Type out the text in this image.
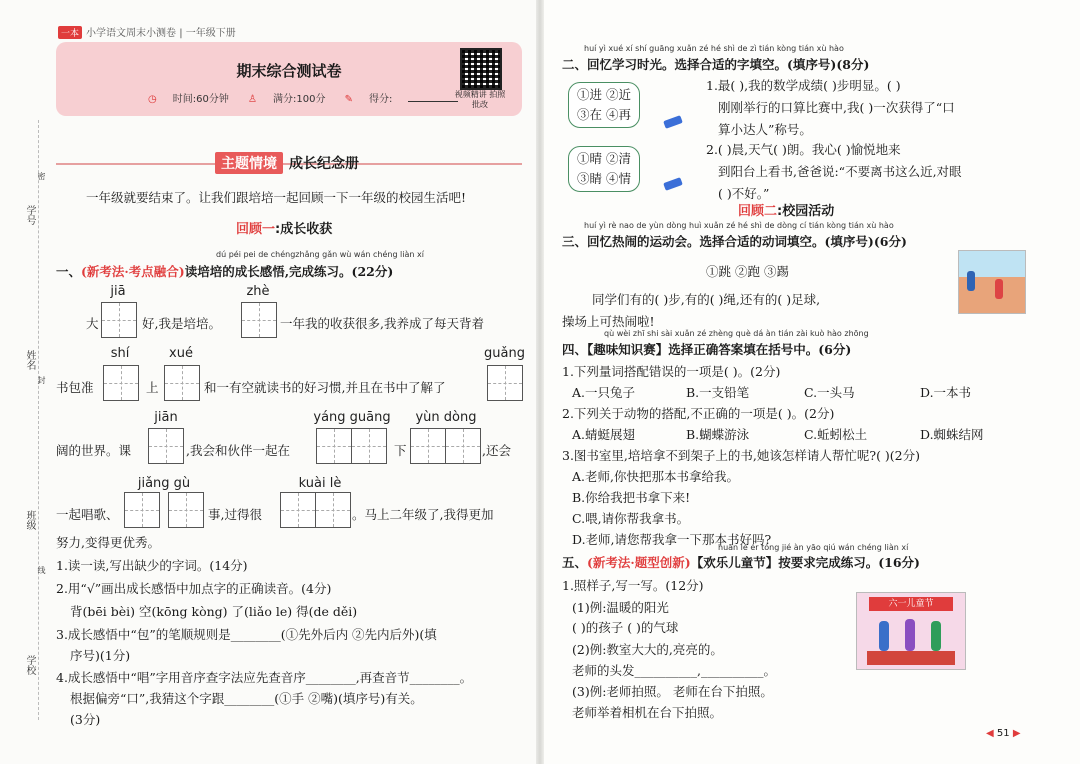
一本 小学语文周末小测卷 | 一年级下册
学号
密
姓名
封
班级
线
学校
期末综合测试卷
◷ 时间:60分钟 ♙ 满分:100分 ✎ 得分:	视频精讲 拍照批改
主题情境 成长纪念册
一年级就要结束了。让我们跟培培一起回顾一下一年级的校园生活吧!
回顾一:成长收获
dú péi pei de chéngzhǎng gǎn wù wán chéng liàn xí
一、(新考法·考点融合)读培培的成长感悟,完成练习。(22分)
jiā	zhè
大	好,我是培培。	一年我的收获很多,我养成了每天背着
shí	xué	guǎng
书包准	上	和一有空就读书的好习惯,并且在书中了解了
jiān	yáng guāng	yùn dòng
阔的世界。课	,我会和伙伴一起在	下	,还会
jiǎng gù	kuài lè
一起唱歌、	事,过得很	。马上二年级了,我得更加
努力,变得更优秀。
1.读一读,写出缺少的字词。(14分)
2.用“√”画出成长感悟中加点字的正确读音。(4分)
背(bēi bèi) 空(kōng kòng) 了(liǎo le) 得(de děi)
3.成长感悟中“包”的笔顺规则是________(①先外后内 ②先内后外)(填
序号)(1分)
4.成长感悟中“唱”字用音序查字法应先查音序________,再查音节________。
根据偏旁“口”,我猜这个字跟________(①手 ②嘴)(填序号)有关。
(3分)
huí yì xué xí shí guāng xuǎn zé hé shì de zì tián kòng tián xù hào
二、回忆学习时光。选择合适的字填空。(填序号)(8分)
①进 ②近
③在 ④再
①晴 ②清
③睛 ④情
1.最( ),我的数学成绩( )步明显。( )
刚刚举行的口算比赛中,我( )一次获得了“口
算小达人”称号。
2.( )晨,天气( )朗。我心( )愉悦地来
到阳台上看书,爸爸说:“不要离书这么近,对眼
( )不好。”
回顾二:校园活动
huí yì rè nao de yùn dòng huì xuǎn zé hé shì de dòng cí tián kòng tián xù hào
三、回忆热闹的运动会。选择合适的动词填空。(填序号)(6分)
①跳 ②跑 ③踢
同学们有的( )步,有的( )绳,还有的( )足球,
操场上可热闹啦!
qù wèi zhī shi sài xuǎn zé zhèng què dá àn tián zài kuò hào zhōng
四、【趣味知识赛】选择正确答案填在括号中。(6分)
1.下列量词搭配错误的一项是( )。(2分)
A.一只兔子	B.一支铅笔	C.一头马	D.一本书
2.下列关于动物的搭配,不正确的一项是( )。(2分)
A.蜻蜓展翅	B.蝴蝶游泳	C.蚯蚓松土	D.蜘蛛结网
3.图书室里,培培拿不到架子上的书,她该怎样请人帮忙呢?( )(2分)
A.老师,你快把那本书拿给我。
B.你给我把书拿下来!
C.喂,请你帮我拿书。
D.老师,请您帮我拿一下那本书好吗?
huān lè ér tóng jié àn yāo qiú wán chéng liàn xí
五、(新考法·题型创新)【欢乐儿童节】按要求完成练习。(16分)
1.照样子,写一写。(12分)
(1)例:温暖的阳光
( )的孩子 ( )的气球
(2)例:教室大大的,亮亮的。
老师的头发__________,__________。
(3)例:老师拍照。 老师在台下拍照。
老师举着相机在台下拍照。
六一儿童节
◀ 51 ▶
